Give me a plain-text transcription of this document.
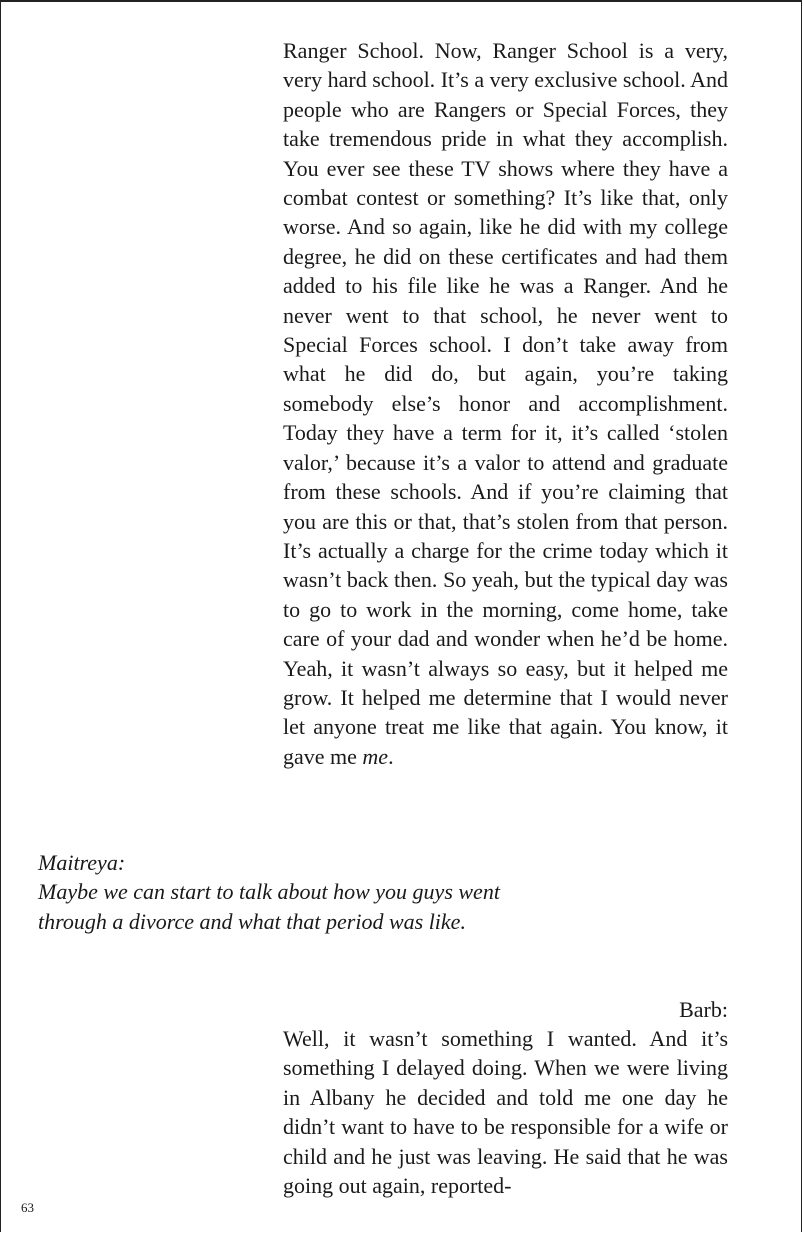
Ranger School. Now, Ranger School is a very, very hard school. It’s a very exclusive school. And people who are Rangers or Special Forces, they take tremendous pride in what they accomplish. You ever see these TV shows where they have a combat contest or something? It’s like that, only worse. And so again, like he did with my college degree, he did on these certificates and had them added to his file like he was a Ranger. And he never went to that school, he never went to Special Forces school. I don’t take away from what he did do, but again, you’re taking somebody else’s honor and accomplishment. Today they have a term for it, it’s called ‘stolen valor,’ because it’s a valor to attend and graduate from these schools. And if you’re claiming that you are this or that, that’s stolen from that person. It’s actually a charge for the crime today which it wasn’t back then. So yeah, but the typical day was to go to work in the morning, come home, take care of your dad and wonder when he’d be home. Yeah, it wasn’t always so easy, but it helped me grow. It helped me determine that I would never let anyone treat me like that again. You know, it gave me me.

Maitreya:

Maybe we can start to talk about how you guys went through a divorce and what that period was like.

Barb:

Well, it wasn’t something I wanted. And it’s something I delayed doing. When we were living in Albany he decided and told me one day he didn’t want to have to be responsible for a wife or child and he just was leaving. He said that he was going out again, reported-

63
